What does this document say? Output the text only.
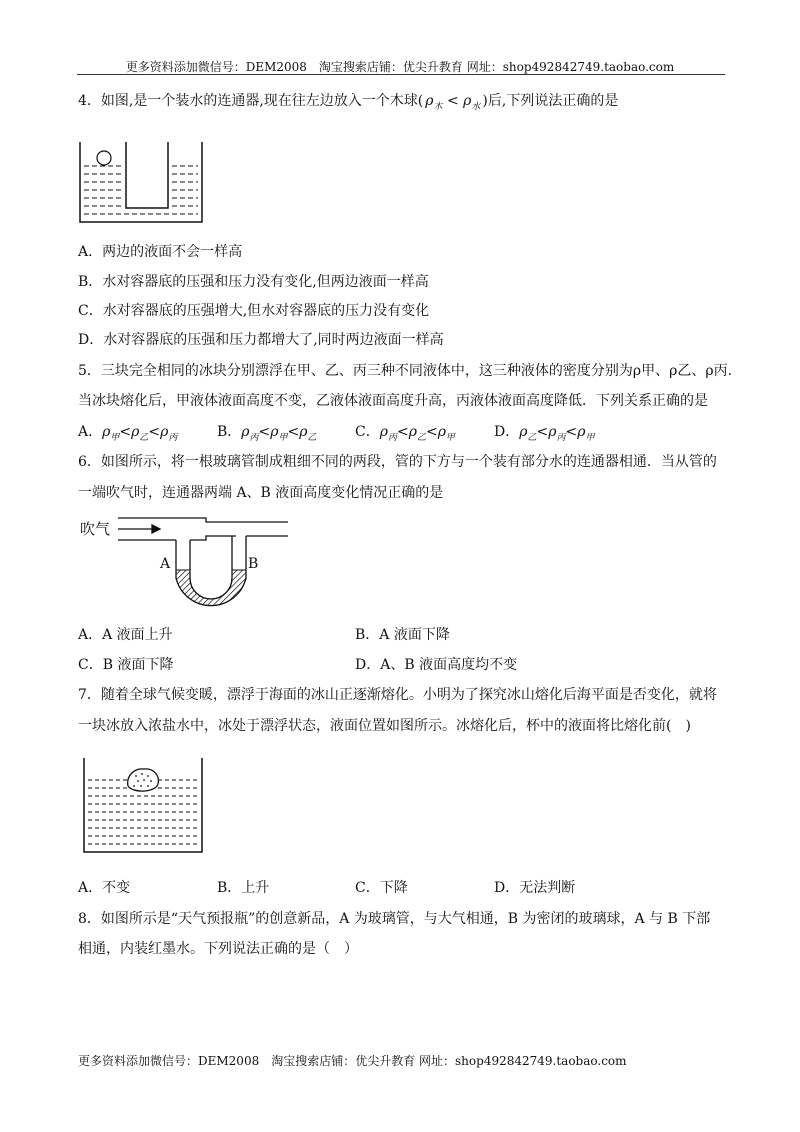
更多资料添加微信号：DEM2008　淘宝搜索店铺：优尖升教育 网址：shop492842749.taobao.com
4．如图,是一个装水的连通器,现在往左边放入一个木球( $\rho_木 < \rho_水$ )后,下列说法正确的是
A．两边的液面不会一样高
B．水对容器底的压强和压力没有变化,但两边液面一样高
C．水对容器底的压强增大,但水对容器底的压力没有变化
D．水对容器底的压强和压力都增大了,同时两边液面一样高
5．三块完全相同的冰块分别漂浮在甲、乙、丙三种不同液体中，这三种液体的密度分别为ρ甲、ρ乙、ρ丙.
当冰块熔化后，甲液体液面高度不变，乙液体液面高度升高，丙液体液面高度降低．下列关系正确的是
A．$\rho_甲<\rho_乙<\rho_丙$	B．$\rho_丙<\rho_甲<\rho_乙$	C．$\rho_丙<\rho_乙<\rho_甲$	D．$\rho_乙<\rho_丙<\rho_甲$
6．如图所示，将一根玻璃管制成粗细不同的两段，管的下方与一个装有部分水的连通器相通．当从管的
一端吹气时，连通器两端 A、B 液面高度变化情况正确的是
吹气
A	B
A．A 液面上升	B．A 液面下降
C．B 液面下降	D．A、B 液面高度均不变
7．随着全球气候变暖，漂浮于海面的冰山正逐渐熔化。小明为了探究冰山熔化后海平面是否变化，就将
一块冰放入浓盐水中，冰处于漂浮状态，液面位置如图所示。冰熔化后，杯中的液面将比熔化前(　)
A．不变	B．上升	C．下降	D．无法判断
8．如图所示是“天气预报瓶”的创意新品，A 为玻璃管，与大气相通，B 为密闭的玻璃球，A 与 B 下部
相通，内装红墨水。下列说法正确的是（　）
更多资料添加微信号：DEM2008　淘宝搜索店铺：优尖升教育 网址：shop492842749.taobao.com
